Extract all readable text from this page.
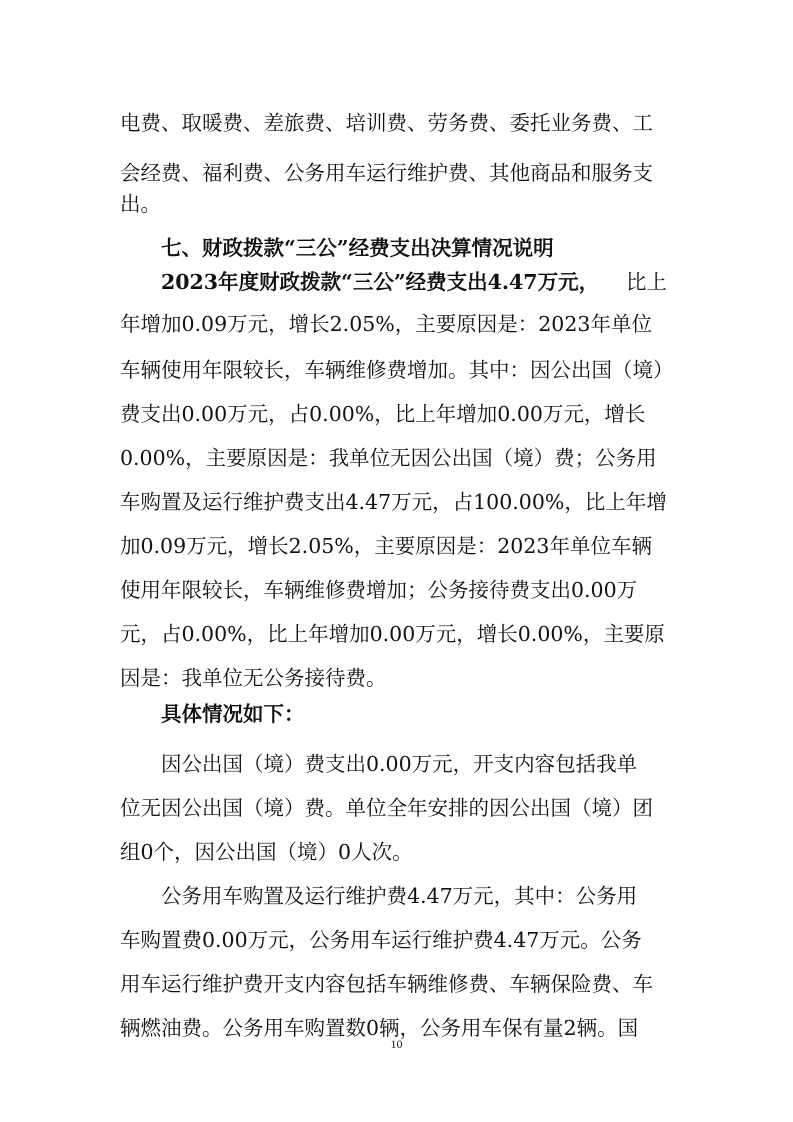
电费、取暖费、差旅费、培训费、劳务费、委托业务费、工
会经费、福利费、公务用车运行维护费、其他商品和服务支
出。
七、财政拨款“三公”经费支出决算情况说明
2023年度财政拨款“三公”经费支出4.47万元， 比上
年增加0.09万元，增长2.05%，主要原因是：2023年单位
车辆使用年限较长，车辆维修费增加。其中：因公出国（境）
费支出0.00万元，占0.00%，比上年增加0.00万元，增长
0.00%，主要原因是：我单位无因公出国（境）费；公务用
车购置及运行维护费支出4.47万元，占100.00%，比上年增
加0.09万元，增长2.05%，主要原因是：2023年单位车辆
使用年限较长，车辆维修费增加；公务接待费支出0.00万
元，占0.00%，比上年增加0.00万元，增长0.00%，主要原
因是：我单位无公务接待费。
具体情况如下：
因公出国（境）费支出0.00万元，开支内容包括我单
位无因公出国（境）费。单位全年安排的因公出国（境）团
组0个，因公出国（境）0人次。
公务用车购置及运行维护费4.47万元，其中：公务用
车购置费0.00万元，公务用车运行维护费4.47万元。公务
用车运行维护费开支内容包括车辆维修费、车辆保险费、车
辆燃油费。公务用车购置数0辆，公务用车保有量2辆。国
10
